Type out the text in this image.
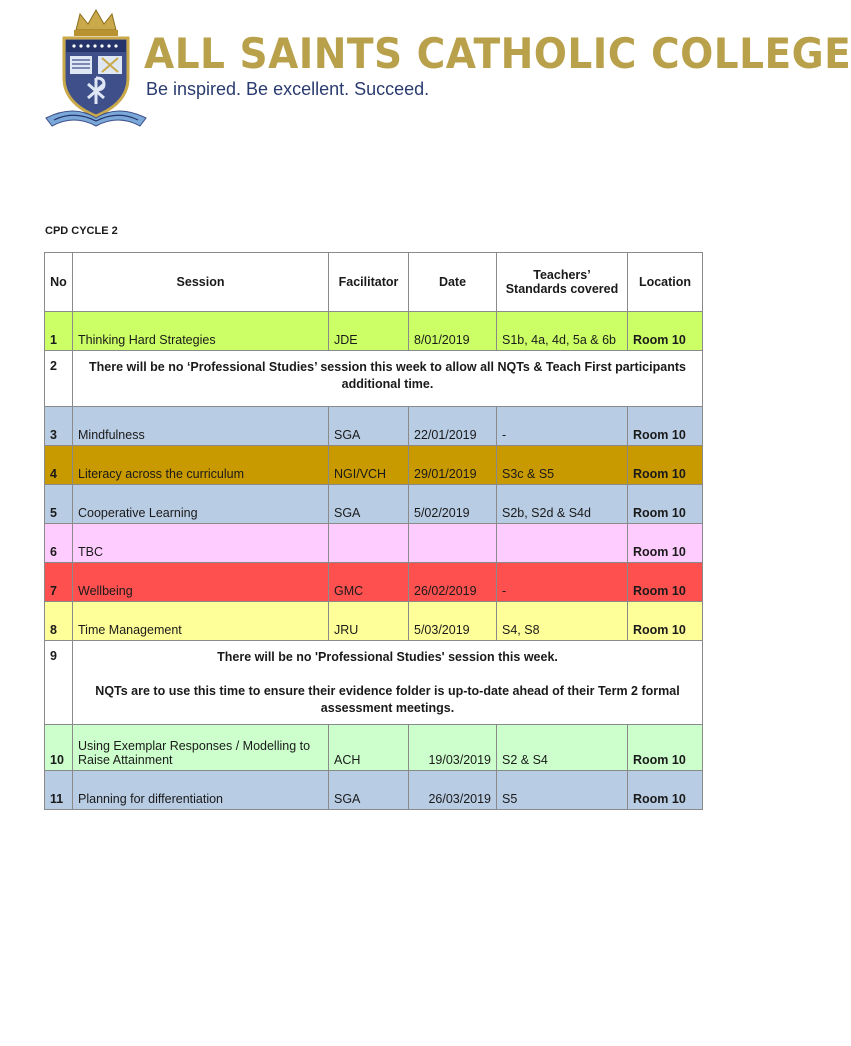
ALL SAINTS CATHOLIC COLLEGE
Be inspired. Be excellent. Succeed.
CPD CYCLE 2
No	Session	Facilitator	Date	Teachers’ Standards covered	Location
1	Thinking Hard Strategies	JDE	8/01/2019	S1b, 4a, 4d, 5a & 6b	Room 10
2	There will be no ‘Professional Studies’ session this week to allow all NQTs & Teach First participants additional time.				

3	Mindfulness	SGA	22/01/2019	-	Room 10
4	Literacy across the curriculum	NGI/VCH	29/01/2019	S3c & S5	Room 10
5	Cooperative Learning	SGA	5/02/2019	S2b, S2d & S4d	Room 10
6	TBC				Room 10
7	Wellbeing	GMC	26/02/2019	-	Room 10
8	Time Management	JRU	5/03/2019	S4, S8	Room 10
9	There will be no 'Professional Studies' session this week.

NQTs are to use this time to ensure their evidence folder is up-to-date ahead of their Term 2 formal assessment meetings.				

10	Using Exemplar Responses / Modelling to Raise Attainment	ACH	19/03/2019	S2 & S4	Room 10
11	Planning for differentiation	SGA	26/03/2019	S5	Room 10
